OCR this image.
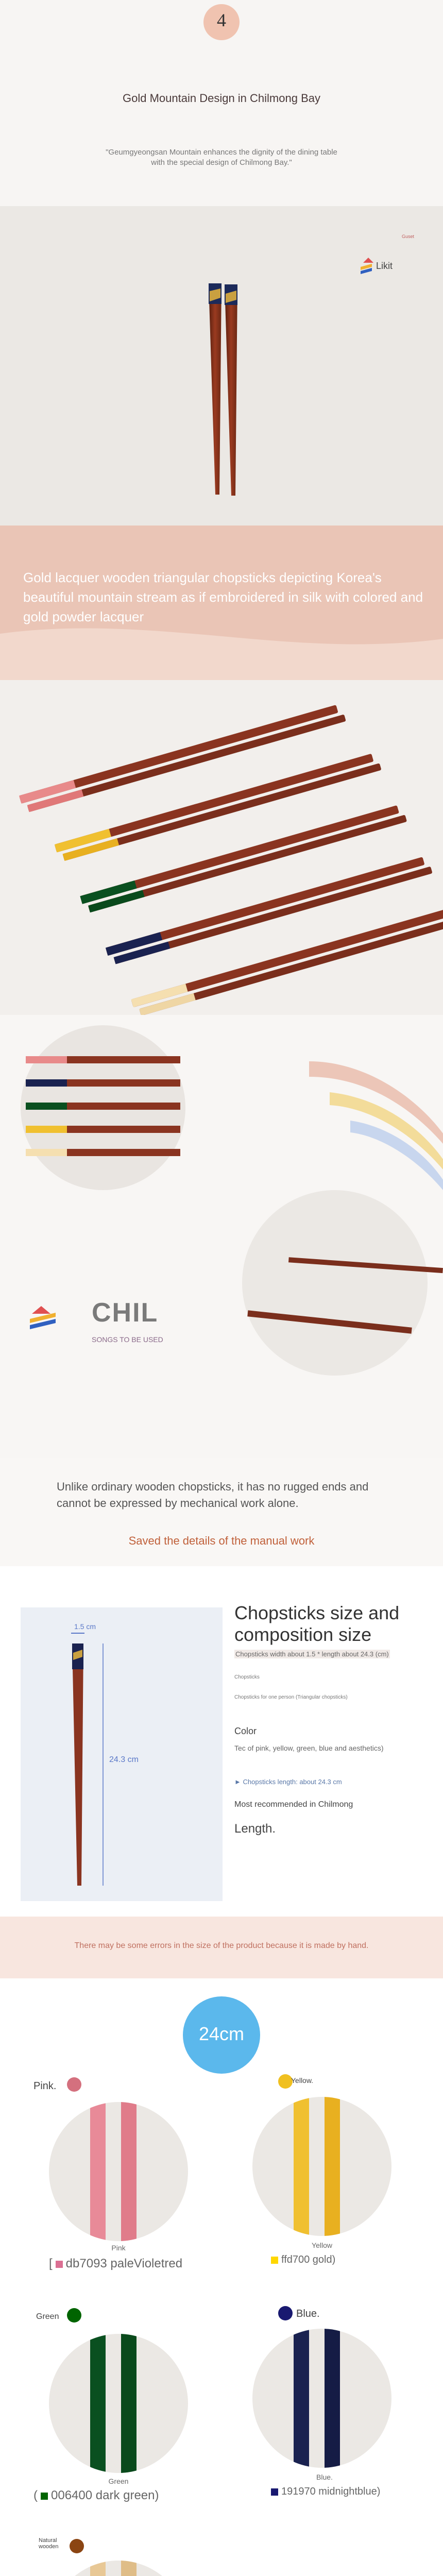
4
Gold Mountain Design in Chilmong Bay
"Geumgyeongsan Mountain enhances the dignity of the dining table with the special design of Chilmong Bay."
Guset
Likit
Gold lacquer wooden triangular chopsticks depicting Korea's beautiful mountain stream as if embroidered in silk with colored and gold powder lacquer
CHIL
SONGS TO BE USED
Unlike ordinary wooden chopsticks, it has no rugged ends and cannot be expressed by mechanical work alone.
Saved the details of the manual work
1.5 cm
24.3 cm
Chopsticks size and composition size
Chopsticks width about 1.5 * length about 24.3 (cm)
Chopsticks
Chopsticks for one person (Triangular chopsticks)
Color
Tec of pink, yellow, green, blue and aesthetics)
► Chopsticks length: about 24.3 cm
Most recommended in Chilmong
Length.

There may be some errors in the size of the product because it is made by hand.

24cm
Pink.
Pink
[ db7093 paleVioletred
Yellow.
Yellow
ffd700 gold)
Green
Green
( 006400 dark green)
Blue.
Blue.
191970 midnightblue)
Natural wooden
